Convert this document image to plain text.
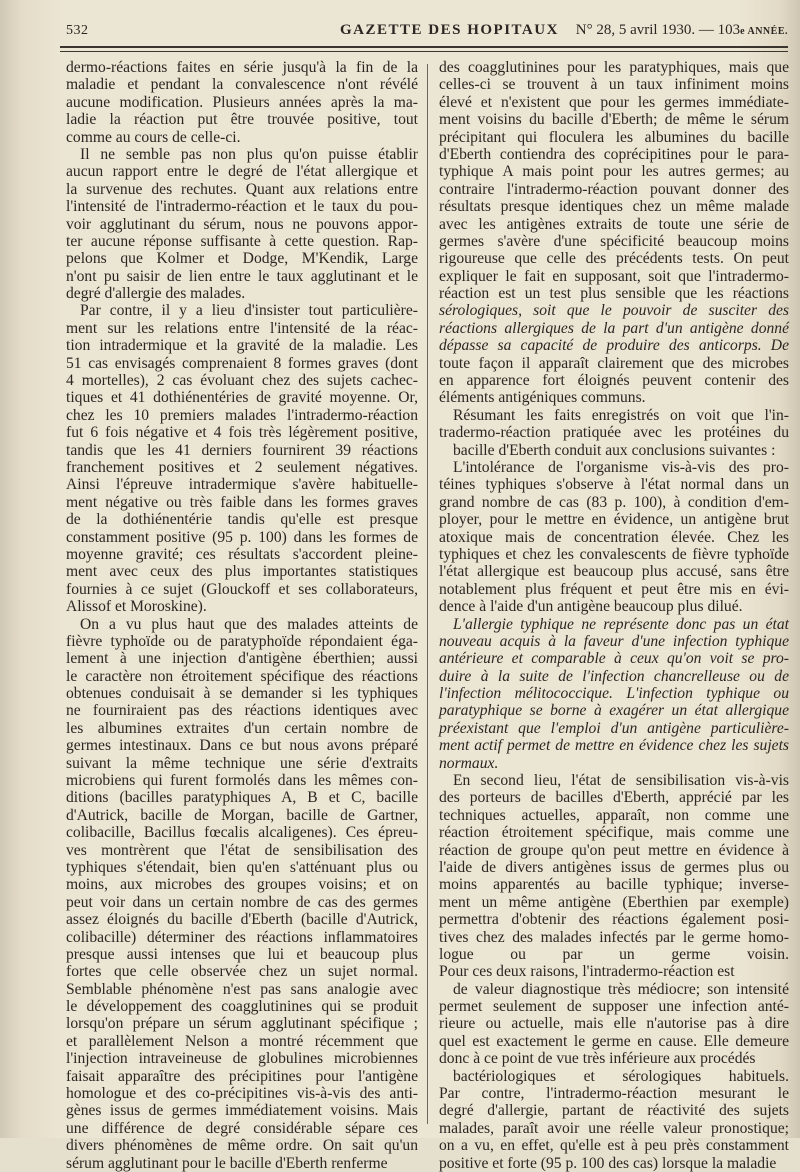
532	GAZETTE DES HOPITAUX N° 28, 5 avril 1930. — 103e ANNÉE.
dermo-réactions faites en série jusqu'à la fin de la
maladie et pendant la convalescence n'ont révélé
aucune modification. Plusieurs années après la ma-
ladie la réaction put être trouvée positive, tout
comme au cours de celle-ci.
Il ne semble pas non plus qu'on puisse établir
aucun rapport entre le degré de l'état allergique et
la survenue des rechutes. Quant aux relations entre
l'intensité de l'intradermo-réaction et le taux du pou-
voir agglutinant du sérum, nous ne pouvons appor-
ter aucune réponse suffisante à cette question. Rap-
pelons que Kolmer et Dodge, M'Kendik, Large
n'ont pu saisir de lien entre le taux agglutinant et le
degré d'allergie des malades.
Par contre, il y a lieu d'insister tout particulière-
ment sur les relations entre l'intensité de la réac-
tion intradermique et la gravité de la maladie. Les
51 cas envisagés comprenaient 8 formes graves (dont
4 mortelles), 2 cas évoluant chez des sujets cachec-
tiques et 41 dothiénentéries de gravité moyenne. Or,
chez les 10 premiers malades l'intradermo-réaction
fut 6 fois négative et 4 fois très légèrement positive,
tandis que les 41 derniers fournirent 39 réactions
franchement positives et 2 seulement négatives.
Ainsi l'épreuve intradermique s'avère habituelle-
ment négative ou très faible dans les formes graves
de la dothiénentérie tandis qu'elle est presque
constamment positive (95 p. 100) dans les formes de
moyenne gravité; ces résultats s'accordent pleine-
ment avec ceux des plus importantes statistiques
fournies à ce sujet (Glouckoff et ses collaborateurs,
Alissof et Moroskine).
On a vu plus haut que des malades atteints de
fièvre typhoïde ou de paratyphoïde répondaient éga-
lement à une injection d'antigène éberthien; aussi
le caractère non étroitement spécifique des réactions
obtenues conduisait à se demander si les typhiques
ne fourniraient pas des réactions identiques avec
les albumines extraites d'un certain nombre de
germes intestinaux. Dans ce but nous avons préparé
suivant la même technique une série d'extraits
microbiens qui furent formolés dans les mêmes con-
ditions (bacilles paratyphiques A, B et C, bacille
d'Autrick, bacille de Morgan, bacille de Gartner,
colibacille, Bacillus fœcalis alcaligenes). Ces épreu-
ves montrèrent que l'état de sensibilisation des
typhiques s'étendait, bien qu'en s'atténuant plus ou
moins, aux microbes des groupes voisins; et on
peut voir dans un certain nombre de cas des germes
assez éloignés du bacille d'Eberth (bacille d'Autrick,
colibacille) déterminer des réactions inflammatoires
presque aussi intenses que lui et beaucoup plus
fortes que celle observée chez un sujet normal.
Semblable phénomène n'est pas sans analogie avec
le développement des coagglutinines qui se produit
lorsqu'on prépare un sérum agglutinant spécifique ;
et parallèlement Nelson a montré récemment que
l'injection intraveineuse de globulines microbiennes
faisait apparaître des précipitines pour l'antigène
homologue et des co-précipitines vis-à-vis des anti-
gènes issus de germes immédiatement voisins. Mais
une différence de degré considérable sépare ces
divers phénomènes de même ordre. On sait qu'un
sérum agglutinant pour le bacille d'Eberth renferme
des coagglutinines pour les paratyphiques, mais que
celles-ci se trouvent à un taux infiniment moins
élevé et n'existent que pour les germes immédiate-
ment voisins du bacille d'Eberth; de même le sérum
précipitant qui floculera les albumines du bacille
d'Eberth contiendra des coprécipitines pour le para-
typhique A mais point pour les autres germes; au
contraire l'intradermo-réaction pouvant donner des
résultats presque identiques chez un même malade
avec les antigènes extraits de toute une série de
germes s'avère d'une spécificité beaucoup moins
rigoureuse que celle des précédents tests. On peut
expliquer le fait en supposant, soit que l'intradermo-
réaction est un test plus sensible que les réactions
sérologiques, soit que le pouvoir de susciter des
réactions allergiques de la part d'un antigène donné
dépasse sa capacité de produire des anticorps. De
toute façon il apparaît clairement que des microbes
en apparence fort éloignés peuvent contenir des
éléments antigéniques communs.
Résumant les faits enregistrés on voit que l'in-
tradermo-réaction pratiquée avec les protéines du
bacille d'Eberth conduit aux conclusions suivantes :
L'intolérance de l'organisme vis-à-vis des pro-
téines typhiques s'observe à l'état normal dans un
grand nombre de cas (83 p. 100), à condition d'em-
ployer, pour le mettre en évidence, un antigène brut
atoxique mais de concentration élevée. Chez les
typhiques et chez les convalescents de fièvre typhoïde
l'état allergique est beaucoup plus accusé, sans être
notablement plus fréquent et peut être mis en évi-
dence à l'aide d'un antigène beaucoup plus dilué.
L'allergie typhique ne représente donc pas un état
nouveau acquis à la faveur d'une infection typhique
antérieure et comparable à ceux qu'on voit se pro-
duire à la suite de l'infection chancrelleuse ou de
l'infection mélitococcique. L'infection typhique ou
paratyphique se borne à exagérer un état allergique
préexistant que l'emploi d'un antigène particulière-
ment actif permet de mettre en évidence chez les sujets
normaux.
En second lieu, l'état de sensibilisation vis-à-vis
des porteurs de bacilles d'Eberth, apprécié par les
techniques actuelles, apparaît, non comme une
réaction étroitement spécifique, mais comme une
réaction de groupe qu'on peut mettre en évidence à
l'aide de divers antigènes issus de germes plus ou
moins apparentés au bacille typhique; inverse-
ment un même antigène (Eberthien par exemple)
permettra d'obtenir des réactions également posi-
tives chez des malades infectés par le germe homo-
logue ou par un germe voisin.
Pour ces deux raisons, l'intradermo-réaction est
de valeur diagnostique très médiocre; son intensité
permet seulement de supposer une infection anté-
rieure ou actuelle, mais elle n'autorise pas à dire
quel est exactement le germe en cause. Elle demeure
donc à ce point de vue très inférieure aux procédés
bactériologiques et sérologiques habituels.
Par contre, l'intradermo-réaction mesurant le
degré d'allergie, partant de réactivité des sujets
malades, paraît avoir une réelle valeur pronostique;
on a vu, en effet, qu'elle est à peu près constamment
positive et forte (95 p. 100 des cas) lorsque la maladie
